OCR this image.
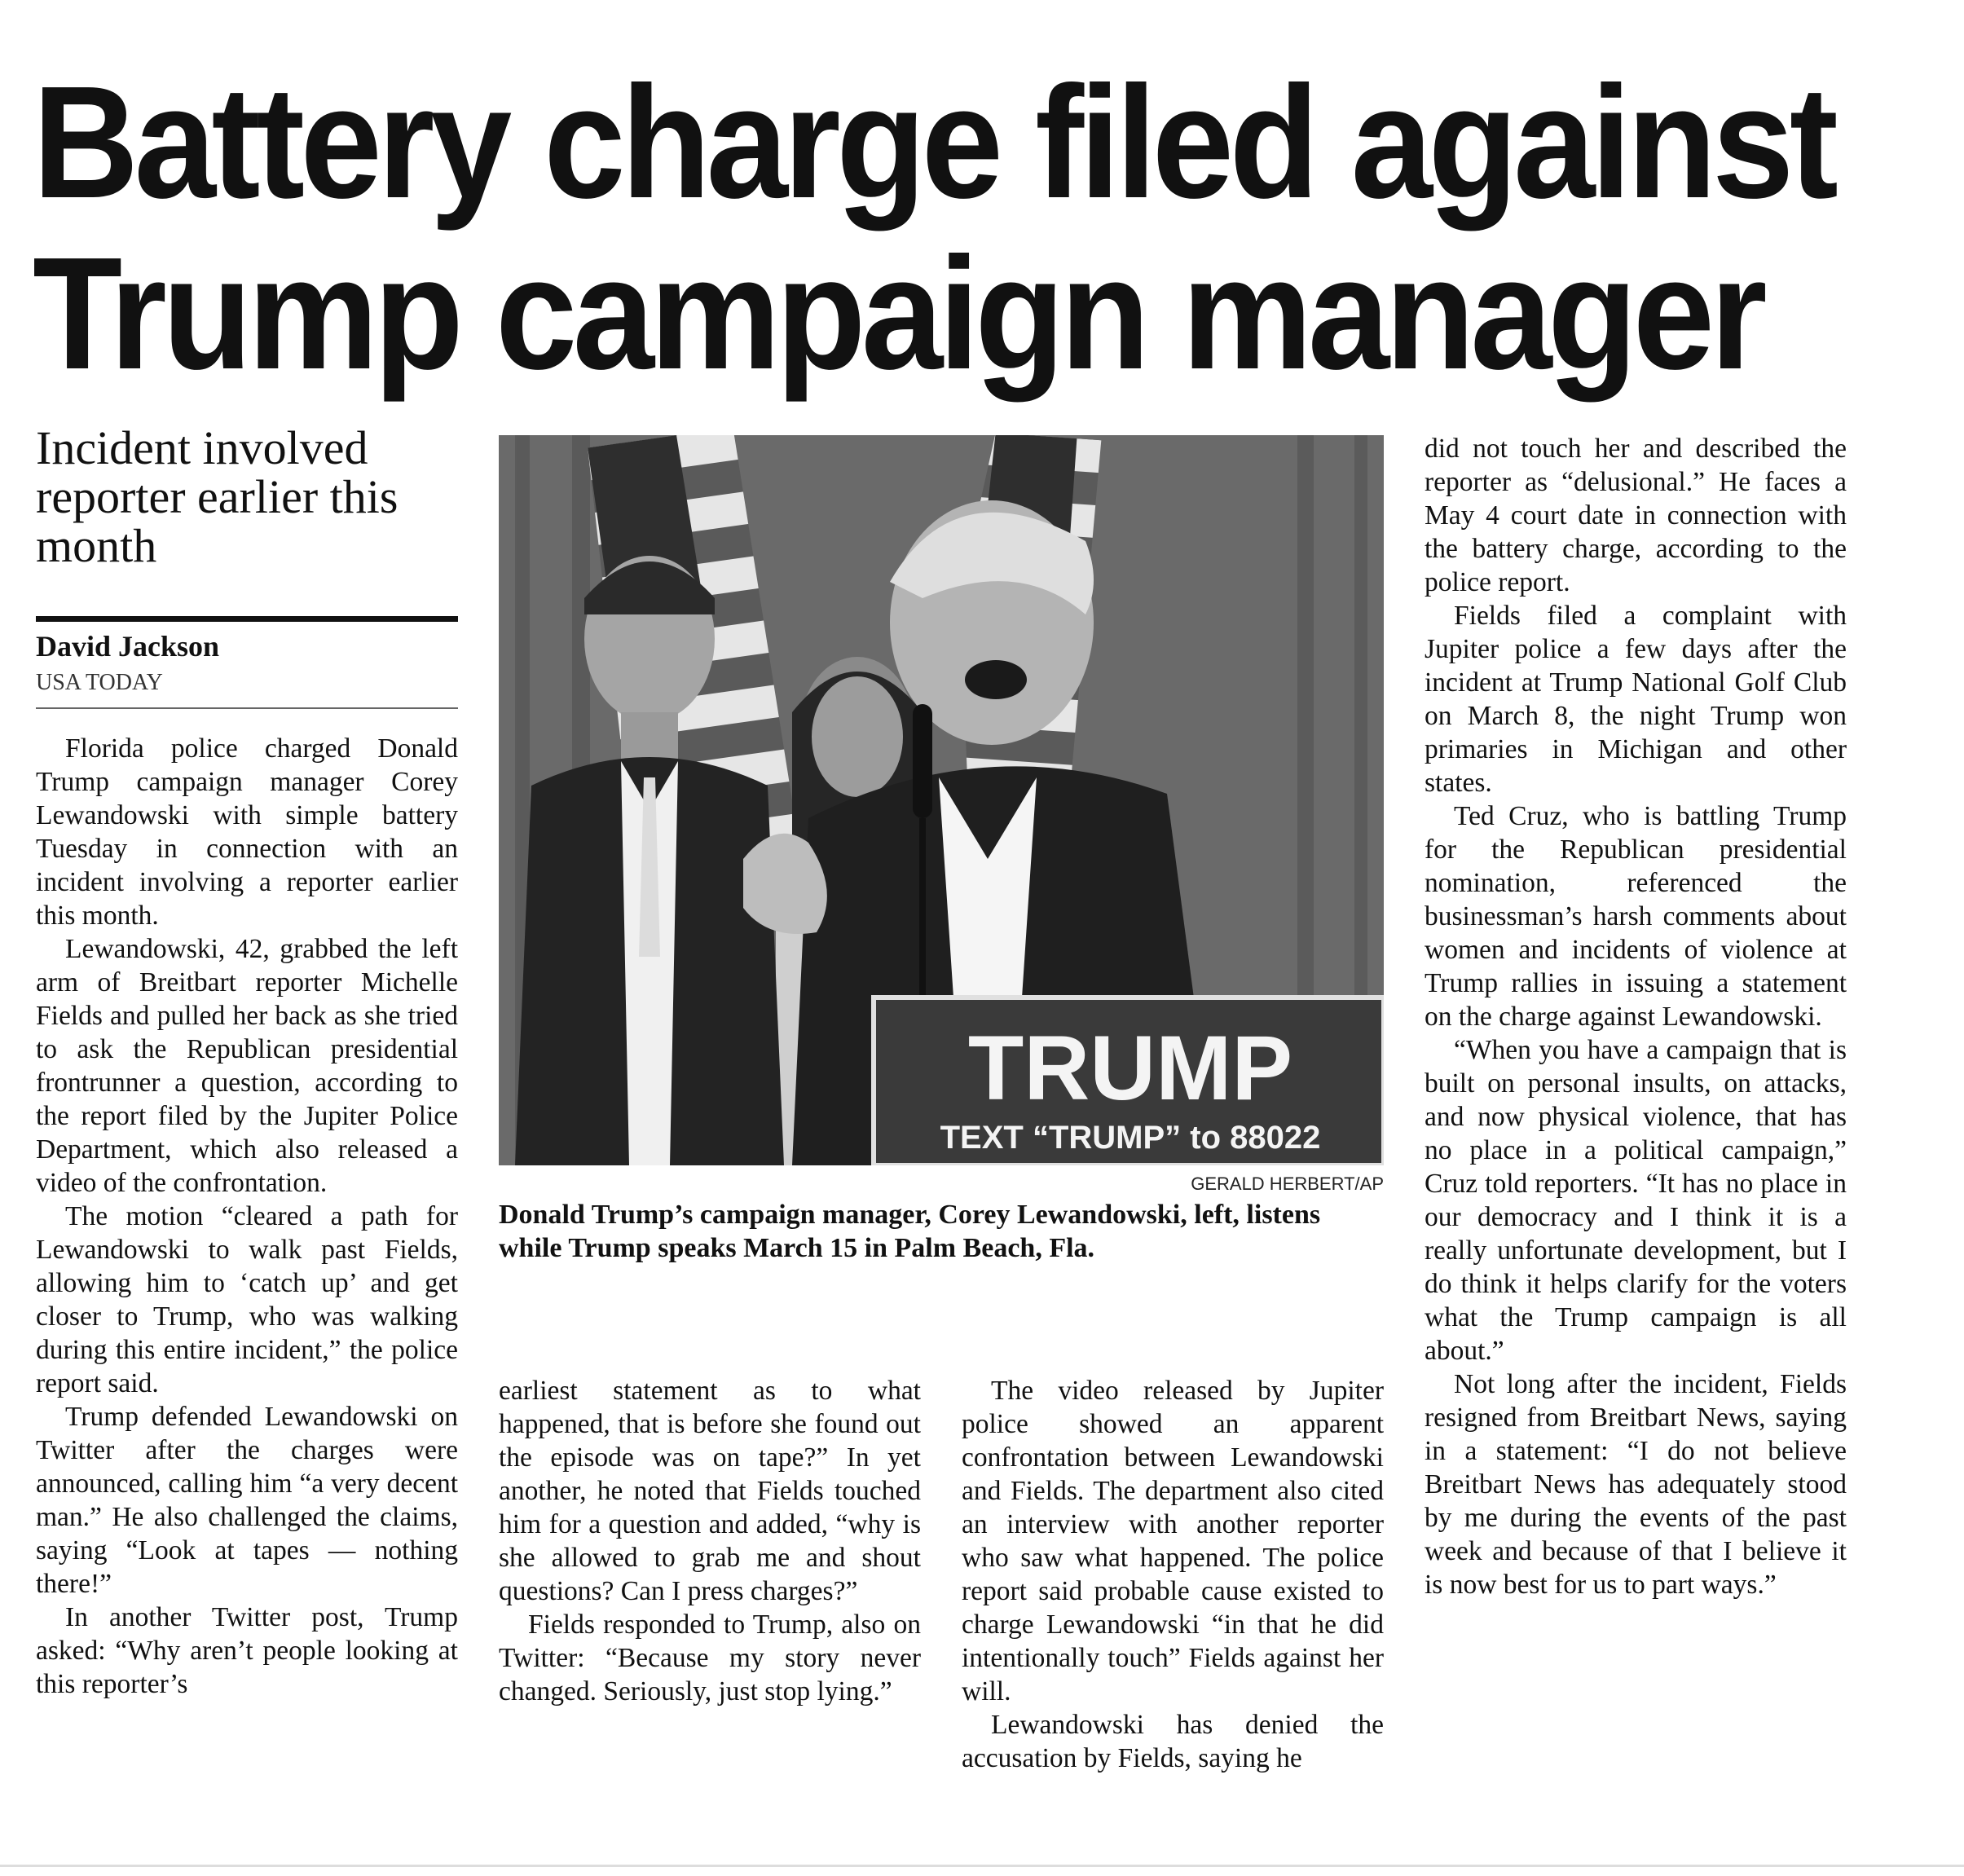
Battery charge filed against
Trump campaign manager
Incident involved reporter earlier this month
David Jackson
USA TODAY

Florida police charged Donald Trump campaign manager Corey Lewandowski with simple battery Tuesday in connection with an incident involving a reporter earlier this month.

Lewandowski, 42, grabbed the left arm of Breitbart reporter Michelle Fields and pulled her back as she tried to ask the Republican presidential frontrunner a question, according to the report filed by the Jupiter Police Department, which also released a video of the confrontation.

The motion “cleared a path for Lewandowski to walk past Fields, allowing him to ‘catch up’ and get closer to Trump, who was walking during this entire incident,” the police report said.

Trump defended Lewandowski on Twitter after the charges were announced, calling him “a very decent man.” He also challenged the claims, saying “Look at tapes — nothing there!”

In another Twitter post, Trump asked: “Why aren’t people looking at this reporter’s

TRUMP
TEXT “TRUMP” to 88022
GERALD HERBERT/AP
Donald Trump’s campaign manager, Corey Lewandowski, left, listens while Trump speaks March 15 in Palm Beach, Fla.

earliest statement as to what happened, that is before she found out the episode was on tape?” In yet another, he noted that Fields touched him for a question and added, “why is she allowed to grab me and shout questions? Can I press charges?”

Fields responded to Trump, also on Twitter: “Because my story never changed. Seriously, just stop lying.”

The video released by Jupiter police showed an apparent confrontation between Lewandowski and Fields. The department also cited an interview with another reporter who saw what happened. The police report said probable cause existed to charge Lewandowski “in that he did intentionally touch” Fields against her will.

Lewandowski has denied the accusation by Fields, saying he

did not touch her and described the reporter as “delusional.” He faces a May 4 court date in connection with the battery charge, according to the police report.

Fields filed a complaint with Jupiter police a few days after the incident at Trump National Golf Club on March 8, the night Trump won primaries in Michigan and other states.

Ted Cruz, who is battling Trump for the Republican presidential nomination, referenced the businessman’s harsh comments about women and incidents of violence at Trump rallies in issuing a statement on the charge against Lewandowski.

“When you have a campaign that is built on personal insults, on attacks, and now physical violence, that has no place in a political campaign,” Cruz told reporters. “It has no place in our democracy and I think it is a really unfortunate development, but I do think it helps clarify for the voters what the Trump campaign is all about.”

Not long after the incident, Fields resigned from Breitbart News, saying in a statement: “I do not believe Breitbart News has adequately stood by me during the events of the past week and because of that I believe it is now best for us to part ways.”
